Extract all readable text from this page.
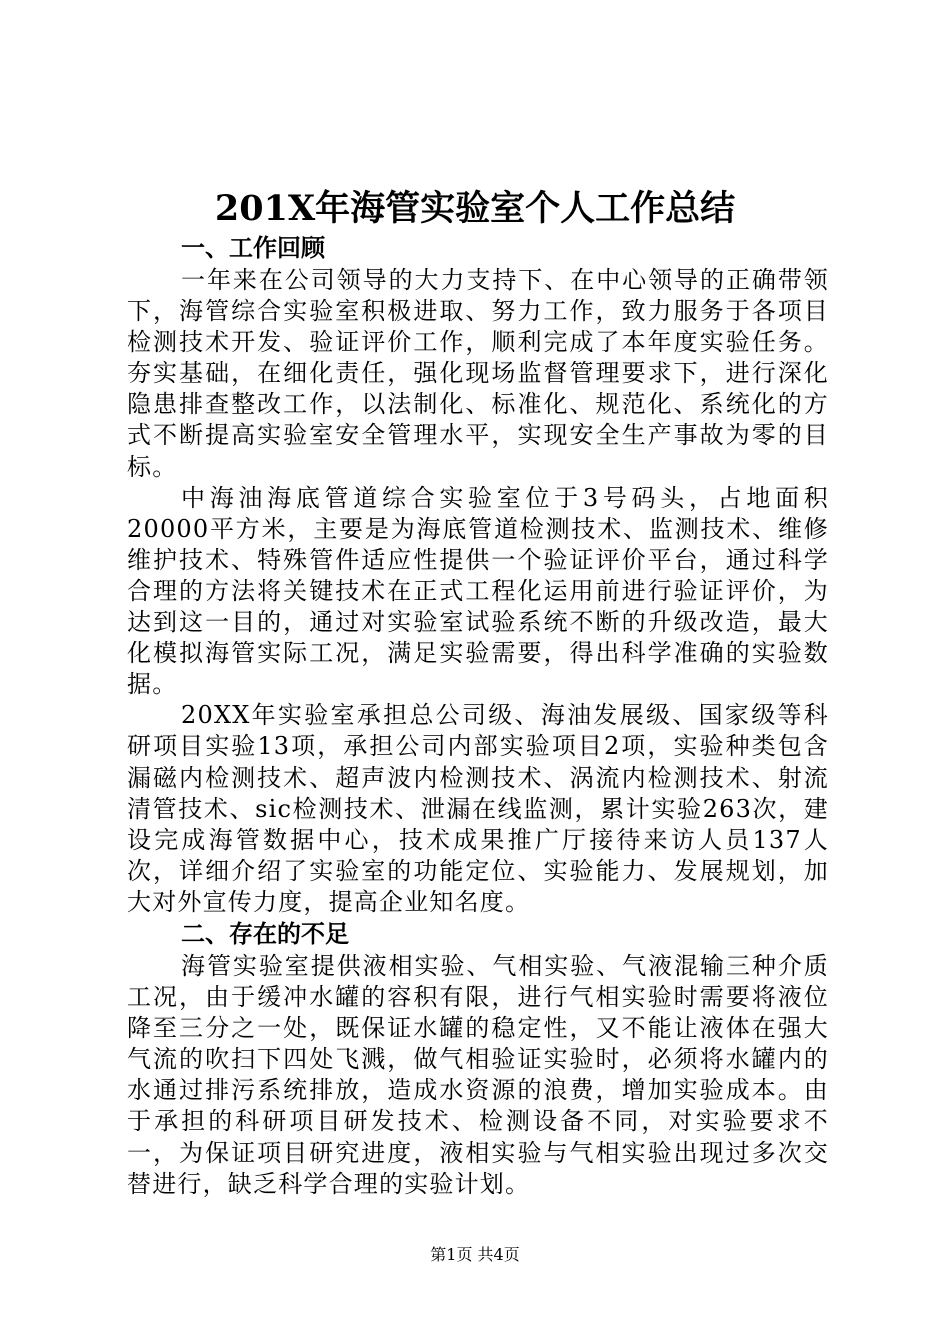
201X年海管实验室个人工作总结
一、工作回顾

一年来在公司领导的大力支持下、在中心领导的正确带领下，海管综合实验室积极进取、努力工作，致力服务于各项目检测技术开发、验证评价工作，顺利完成了本年度实验任务。夯实基础，在细化责任，强化现场监督管理要求下，进行深化隐患排查整改工作，以法制化、标准化、规范化、系统化的方式不断提高实验室安全管理水平，实现安全生产事故为零的目标。

中海油海底管道综合实验室位于3号码头，占地面积20000平方米，主要是为海底管道检测技术、监测技术、维修维护技术、特殊管件适应性提供一个验证评价平台，通过科学合理的方法将关键技术在正式工程化运用前进行验证评价，为达到这一目的，通过对实验室试验系统不断的升级改造，最大化模拟海管实际工况，满足实验需要，得出科学准确的实验数据。

20XX年实验室承担总公司级、海油发展级、国家级等科研项目实验13项，承担公司内部实验项目2项，实验种类包含漏磁内检测技术、超声波内检测技术、涡流内检测技术、射流清管技术、sic检测技术、泄漏在线监测，累计实验263次，建设完成海管数据中心，技术成果推广厅接待来访人员137人次，详细介绍了实验室的功能定位、实验能力、发展规划，加大对外宣传力度，提高企业知名度。

二、存在的不足

海管实验室提供液相实验、气相实验、气液混输三种介质工况，由于缓冲水罐的容积有限，进行气相实验时需要将液位降至三分之一处，既保证水罐的稳定性，又不能让液体在强大气流的吹扫下四处飞溅，做气相验证实验时，必须将水罐内的水通过排污系统排放，造成水资源的浪费，增加实验成本。由于承担的科研项目研发技术、检测设备不同，对实验要求不一，为保证项目研究进度，液相实验与气相实验出现过多次交替进行，缺乏科学合理的实验计划。

第1页 共4页
